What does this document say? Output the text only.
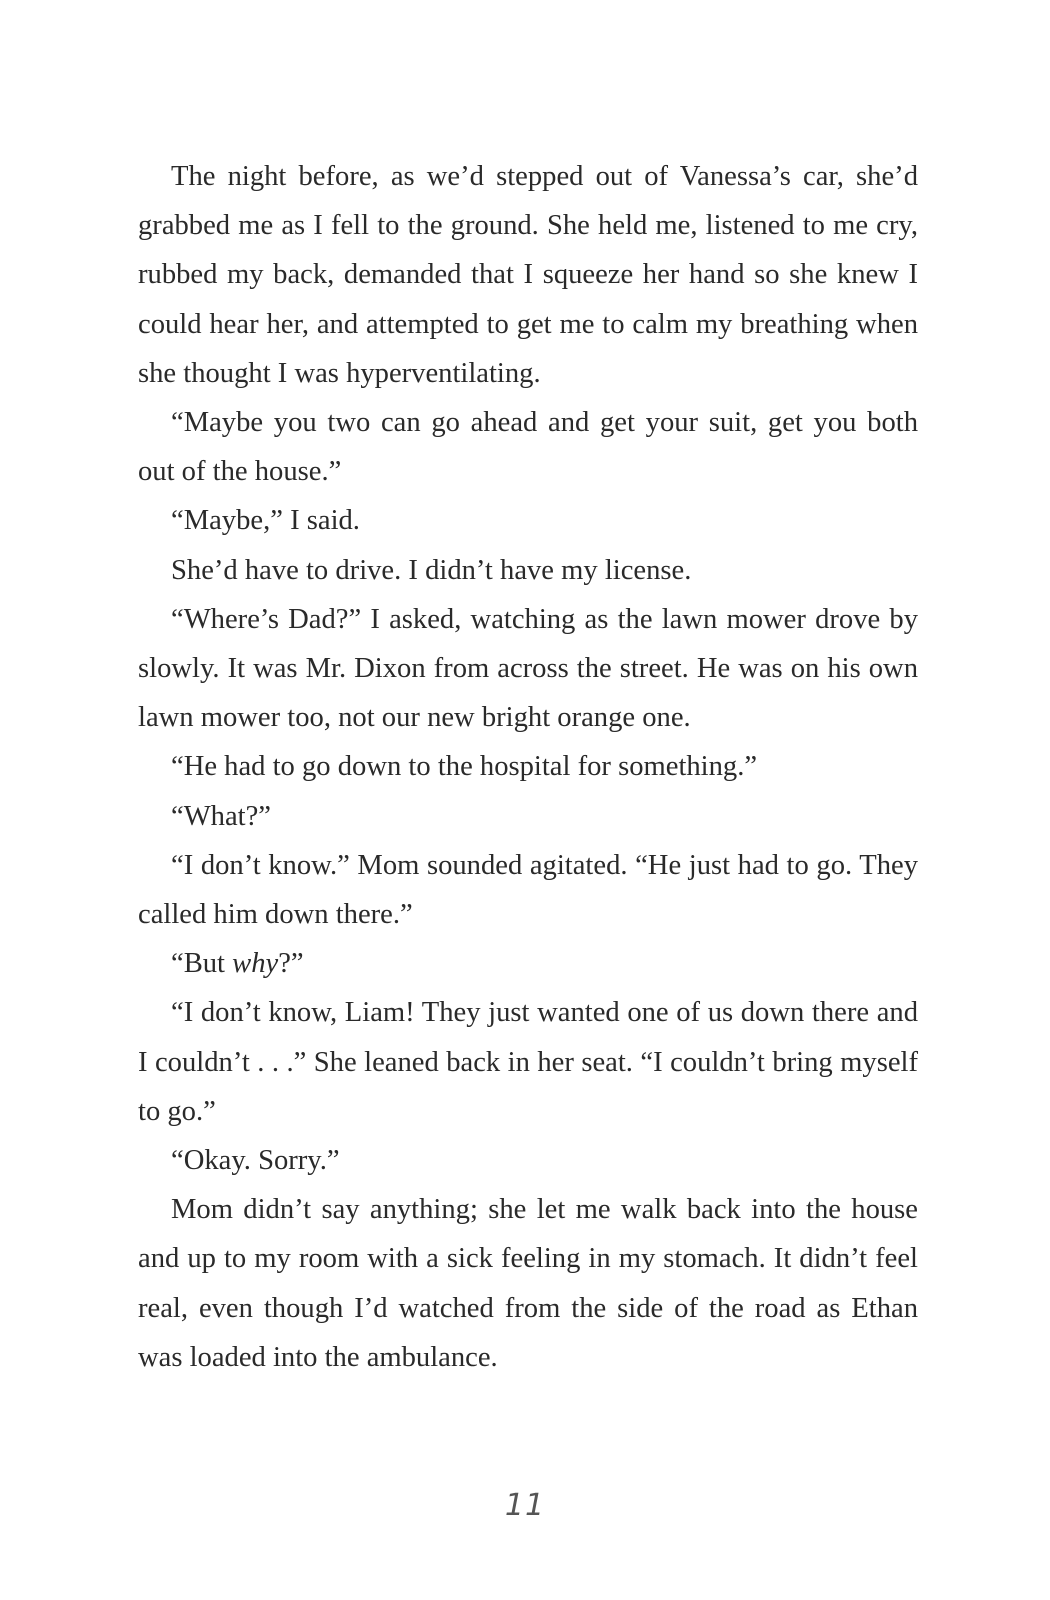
The night before, as we’d stepped out of Vanessa’s car, she’d grabbed me as I fell to the ground. She held me, listened to me cry, rubbed my back, demanded that I squeeze her hand so she knew I could hear her, and attempted to get me to calm my breathing when she thought I was hyperventilating.

“Maybe you two can go ahead and get your suit, get you both out of the house.”

“Maybe,” I said.

She’d have to drive. I didn’t have my license.

“Where’s Dad?” I asked, watching as the lawn mower drove by slowly. It was Mr. Dixon from across the street. He was on his own lawn mower too, not our new bright orange one.

“He had to go down to the hospital for something.”

“What?”

“I don’t know.” Mom sounded agitated. “He just had to go. They called him down there.”

“But why?”

“I don’t know, Liam! They just wanted one of us down there and I couldn’t . . .” She leaned back in her seat. “I couldn’t bring myself to go.”

“Okay. Sorry.”

Mom didn’t say anything; she let me walk back into the house and up to my room with a sick feeling in my stomach. It didn’t feel real, even though I’d watched from the side of the road as Ethan was loaded into the ambulance.

11
